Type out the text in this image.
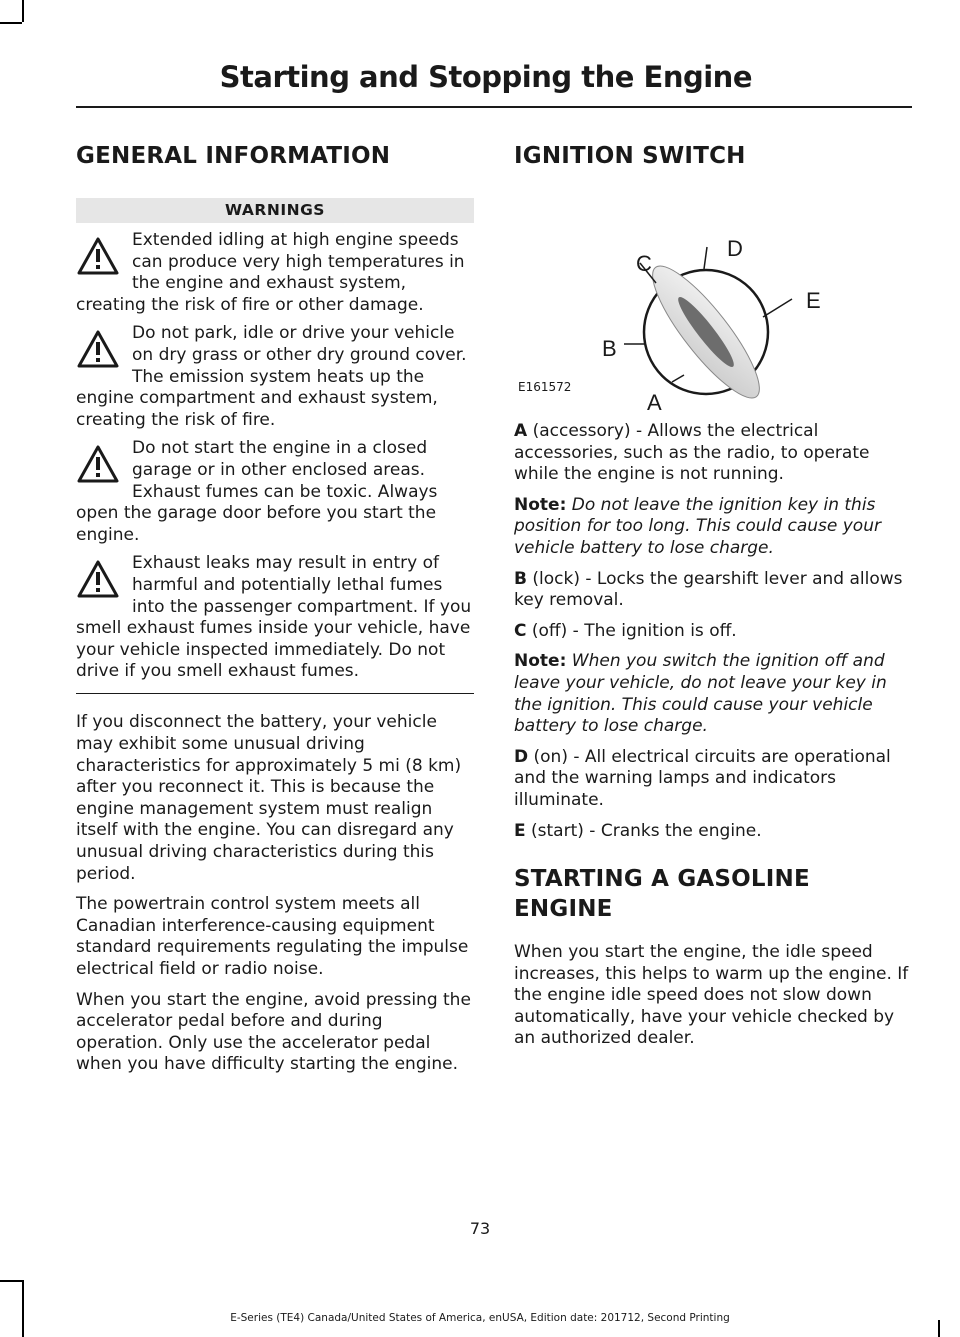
Starting and Stopping the Engine
GENERAL INFORMATION
WARNINGS
Extended idling at high engine speeds can produce very high temperatures in the engine and exhaust system, creating the risk of fire or other damage.
Do not park, idle or drive your vehicle on dry grass or other dry ground cover. The emission system heats up the engine compartment and exhaust system, creating the risk of fire.
Do not start the engine in a closed garage or in other enclosed areas. Exhaust fumes can be toxic. Always open the garage door before you start the engine.
Exhaust leaks may result in entry of harmful and potentially lethal fumes into the passenger compartment. If you smell exhaust fumes inside your vehicle, have your vehicle inspected immediately. Do not drive if you smell exhaust fumes.

If you disconnect the battery, your vehicle may exhibit some unusual driving characteristics for approximately 5 mi (8 km) after you reconnect it. This is because the engine management system must realign itself with the engine. You can disregard any unusual driving characteristics during this period.

The powertrain control system meets all Canadian interference-causing equipment standard requirements regulating the impulse electrical field or radio noise.

When you start the engine, avoid pressing the accelerator pedal before and during operation. Only use the accelerator pedal when you have difficulty starting the engine.

IGNITION SWITCH
C
D
E
B
A
E161572

A (accessory) - Allows the electrical accessories, such as the radio, to operate while the engine is not running.

Note: Do not leave the ignition key in this position for too long. This could cause your vehicle battery to lose charge.

B (lock) - Locks the gearshift lever and allows key removal.

C (off) - The ignition is off.

Note: When you switch the ignition off and leave your vehicle, do not leave your key in the ignition. This could cause your vehicle battery to lose charge.

D (on) - All electrical circuits are operational and the warning lamps and indicators illuminate.

E (start) - Cranks the engine.

STARTING A GASOLINE
ENGINE

When you start the engine, the idle speed increases, this helps to warm up the engine. If the engine idle speed does not slow down automatically, have your vehicle checked by an authorized dealer.

73
E-Series (TE4) Canada/United States of America, enUSA, Edition date: 201712, Second Printing
